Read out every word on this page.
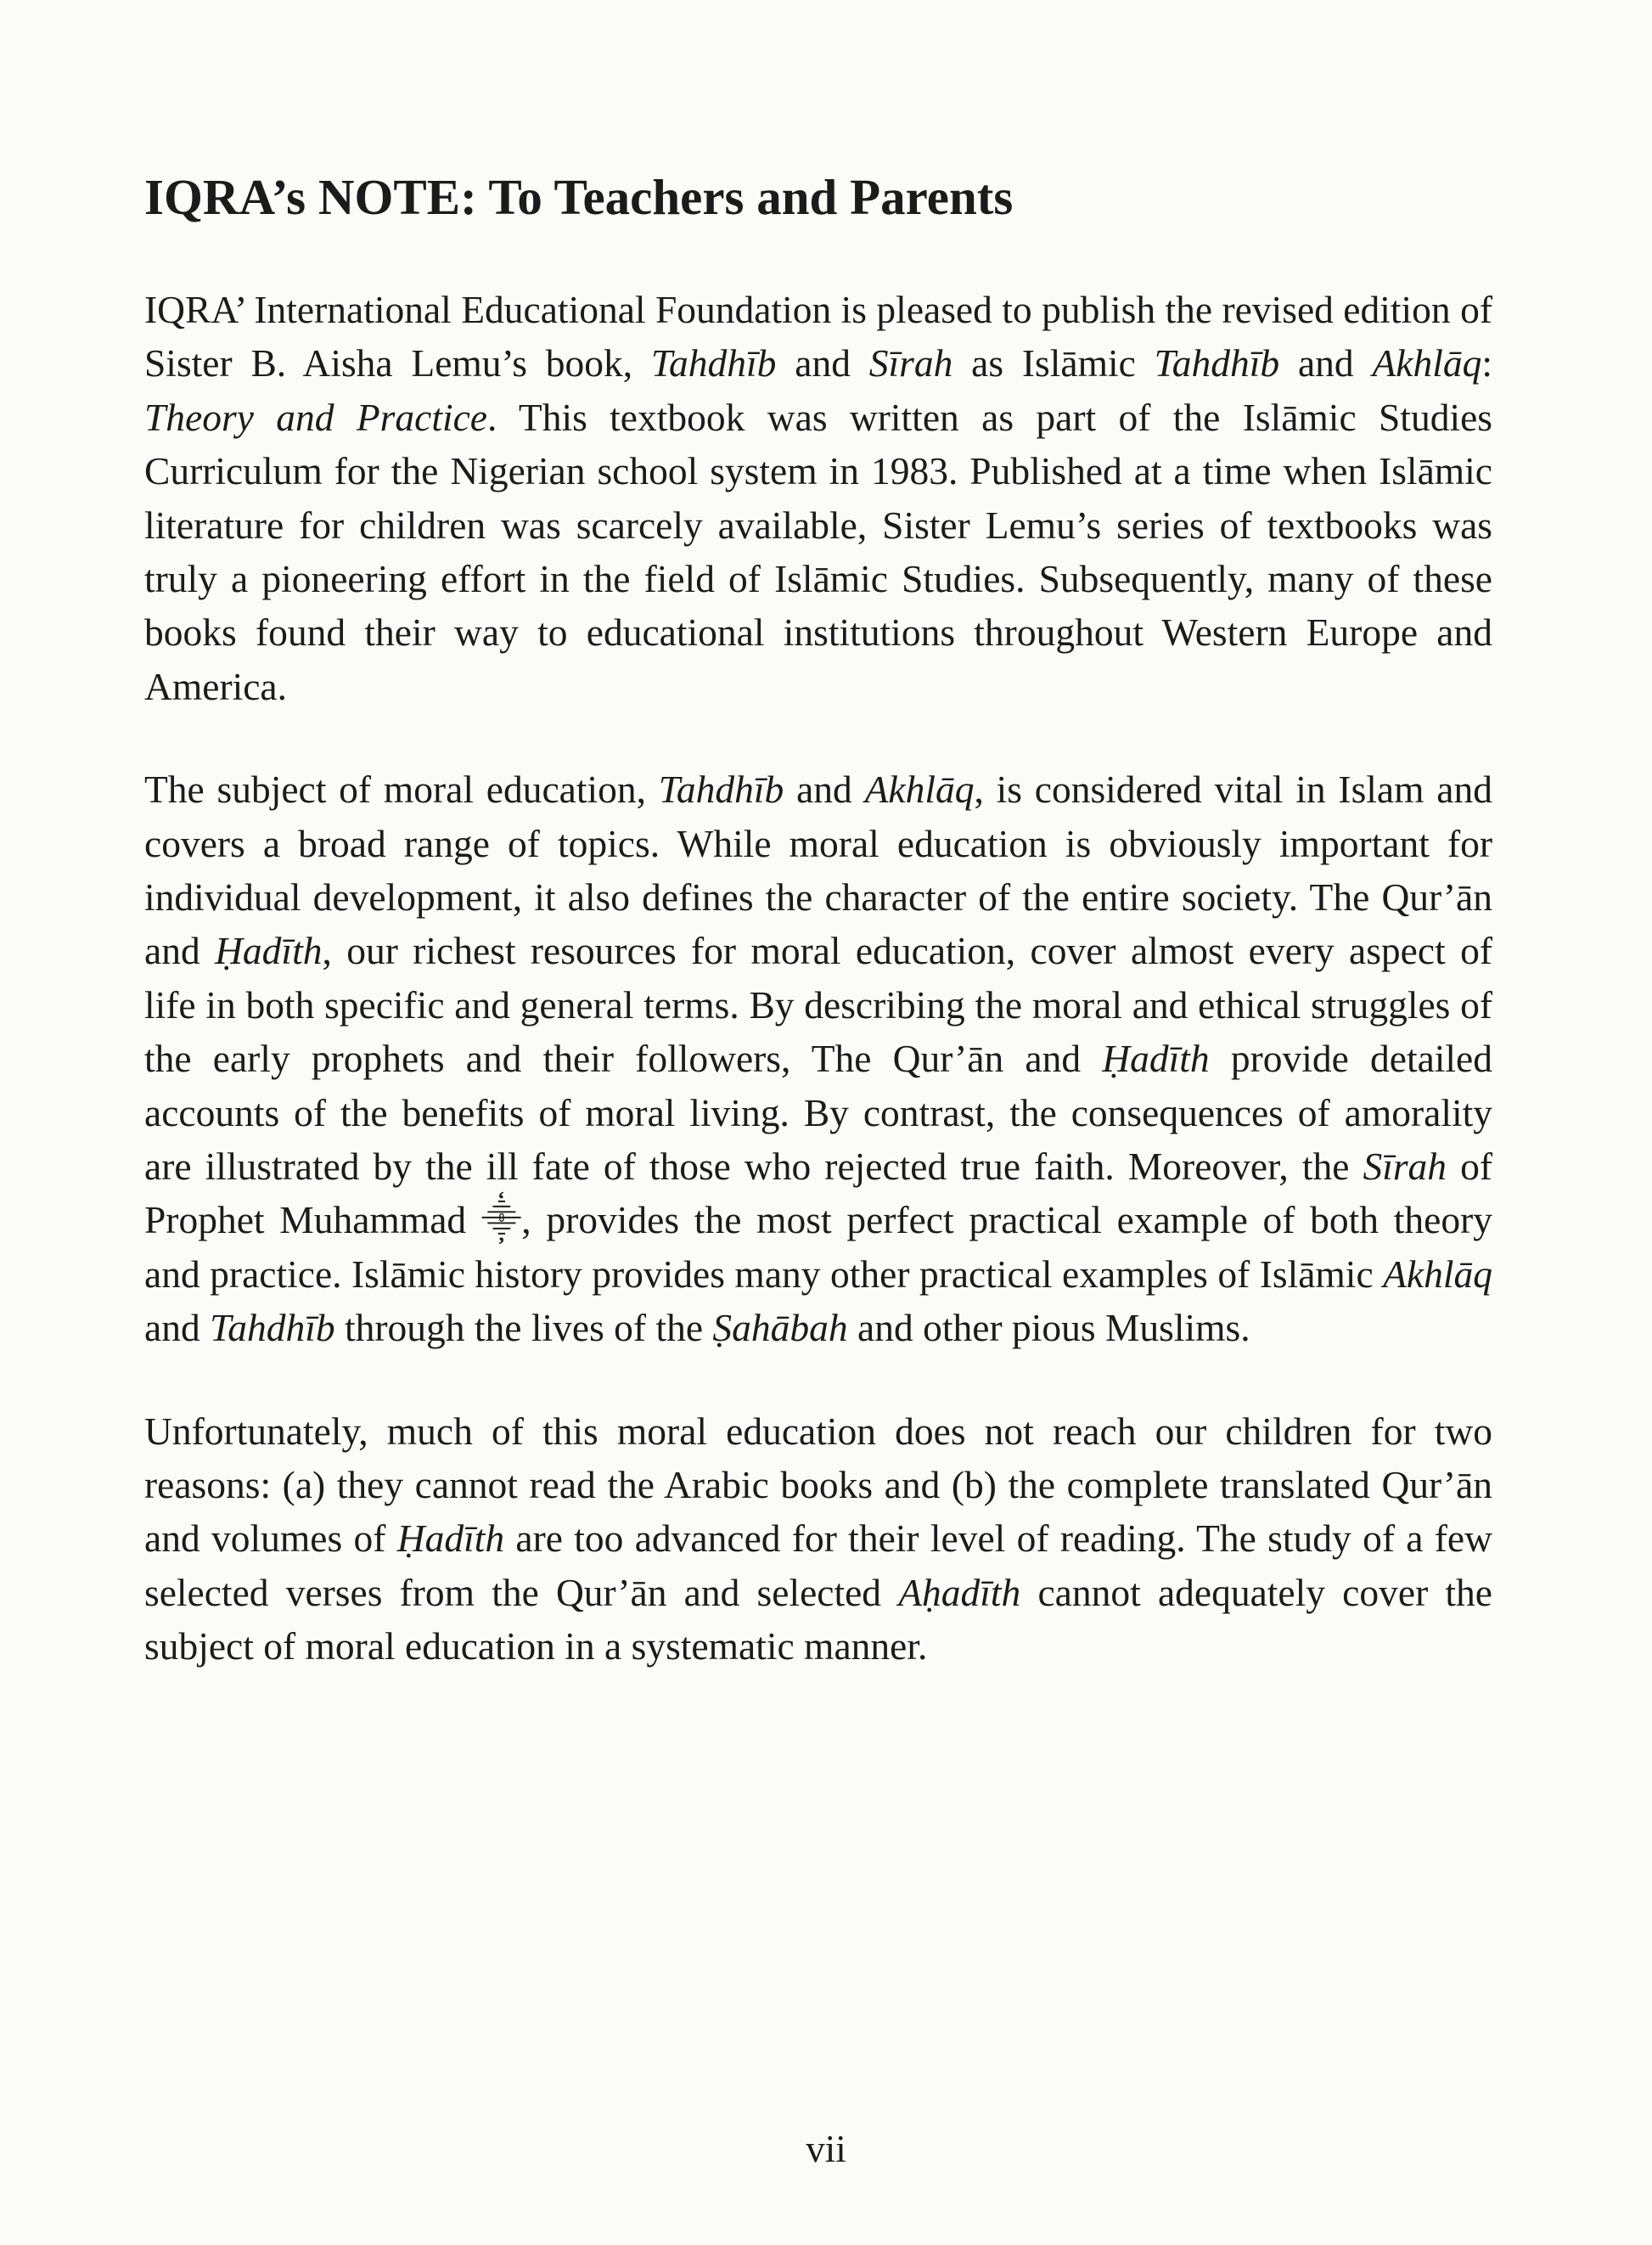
IQRA’s NOTE: To Teachers and Parents

IQRA’ International Educational Foundation is pleased to publish the revised edition of Sister B. Aisha Lemu’s book, Tahdhīb and Sīrah as Islāmic Tahdhīb and Akhlāq: Theory and Practice. This textbook was written as part of the Islāmic Studies Curriculum for the Nigerian school system in 1983. Published at a time when Islāmic literature for children was scarcely available, Sister Lemu’s series of textbooks was truly a pioneering effort in the field of Islāmic Studies. Subsequently, many of these books found their way to educational institutions throughout Western Europe and America.

The subject of moral education, Tahdhīb and Akhlāq, is considered vital in Islam and covers a broad range of topics. While moral education is obviously important for individual development, it also defines the character of the entire society. The Qur’ān and Ḥadīth, our richest resources for moral education, cover almost every aspect of life in both specific and general terms. By describing the moral and ethical struggles of the early prophets and their followers, The Qur’ān and Ḥadīth provide detailed accounts of the benefits of moral living. By contrast, the consequences of amorality are illustrated by the ill fate of those who rejected true faith. Moreover, the Sīrah of Prophet Muhammad ⸎, provides the most perfect practical example of both theory and practice. Islāmic history provides many other practical examples of Islāmic Akhlāq and Tahdhīb through the lives of the Ṣahābah and other pious Muslims.

Unfortunately, much of this moral education does not reach our children for two reasons: (a) they cannot read the Arabic books and (b) the complete translated Qur’ān and volumes of Ḥadīth are too advanced for their level of reading. The study of a few selected verses from the Qur’ān and selected Aḥadīth cannot adequately cover the subject of moral education in a systematic manner.

vii
